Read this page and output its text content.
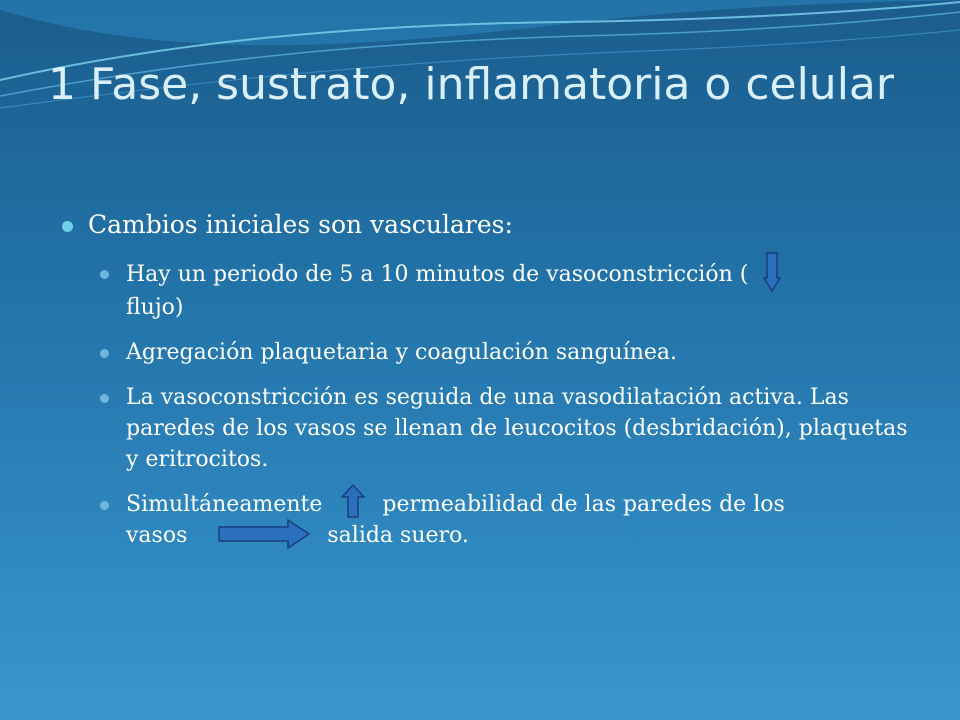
1 Fase, sustrato, inflamatoria o celular
Cambios iniciales son vasculares:
Hay un periodo de 5 a 10 minutos de vasoconstricción (
flujo)
Agregación plaquetaria y coagulación sanguínea.
La vasoconstricción es seguida de una vasodilatación activa. Las paredes de los vasos se llenan de leucocitos (desbridación), plaquetas y eritrocitos.
Simultáneamente	permeabilidad de las paredes de los
vasos	salida suero.
